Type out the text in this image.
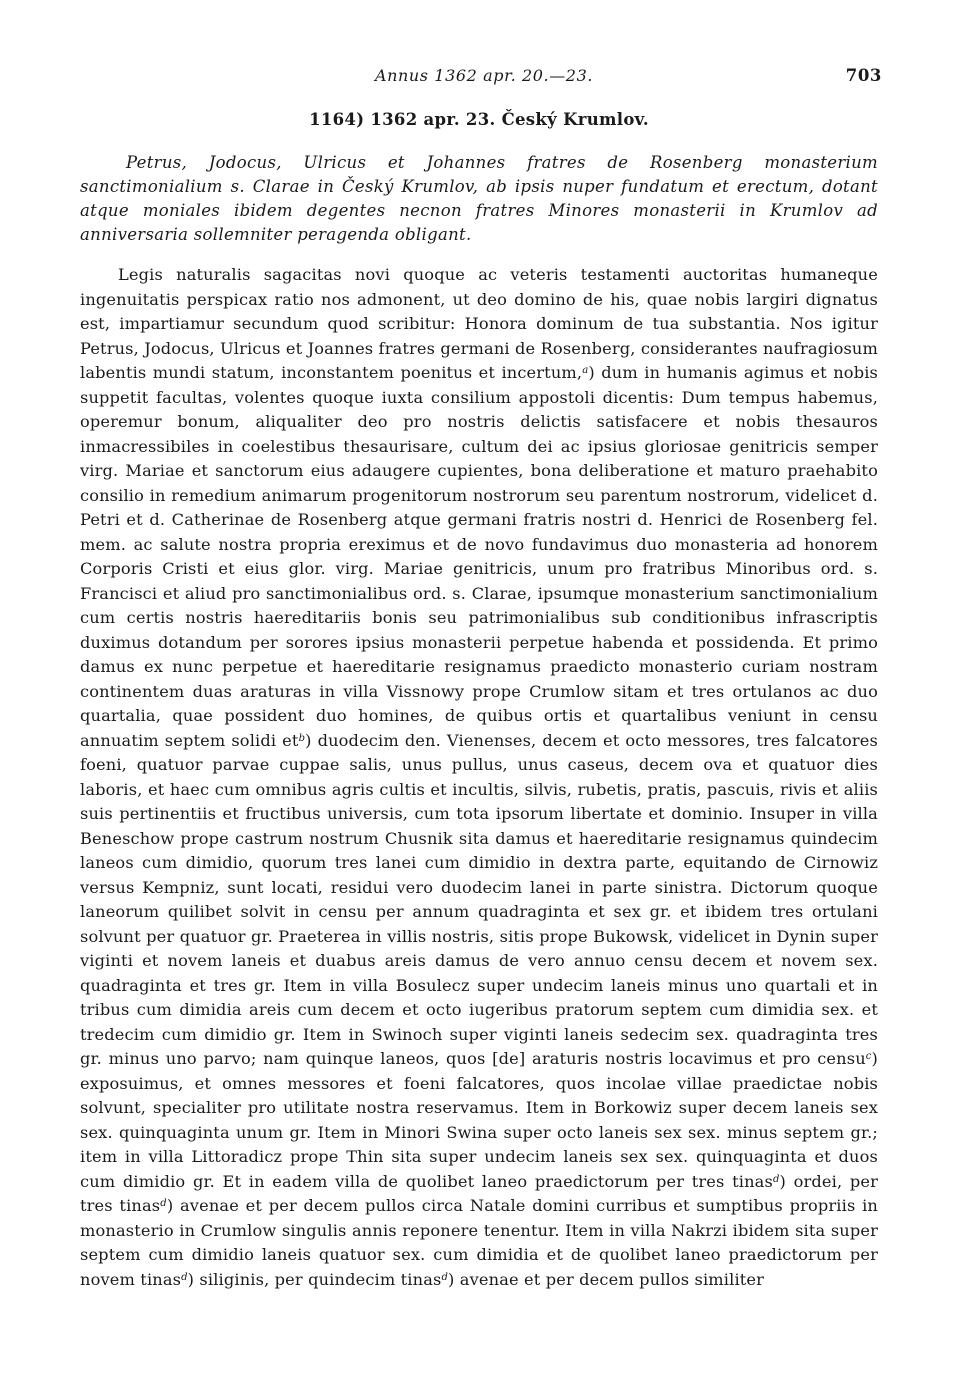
Annus 1362 apr. 20.—23.	703
1164) 1362 apr. 23. Český Krumlov.
Petrus, Jodocus, Ulricus et Johannes fratres de Rosenberg monasterium sanctimonialium s. Clarae in Český Krumlov, ab ipsis nuper fundatum et erectum, dotant atque moniales ibidem degentes necnon fratres Minores monasterii in Krumlov ad anniversaria sollemniter peragenda obligant.
Legis naturalis sagacitas novi quoque ac veteris testamenti auctoritas humaneque ingenuitatis perspicax ratio nos admonent, ut deo domino de his, quae nobis largiri dignatus est, impartiamur secundum quod scribitur: Honora dominum de tua substantia. Nos igitur Petrus, Jodocus, Ulricus et Joannes fratres germani de Rosenberg, considerantes naufragiosum labentis mundi statum, inconstantem poenitus et incertum,$^a$) dum in humanis agimus et nobis suppetit facultas, volentes quoque iuxta consilium appostoli dicentis: Dum tempus habemus, operemur bonum, aliqualiter deo pro nostris delictis satisfacere et nobis thesauros inmacressibiles in coelestibus thesaurisare, cultum dei ac ipsius gloriosae genitricis semper virg. Mariae et sanctorum eius adaugere cupientes, bona deliberatione et maturo praehabito consilio in remedium animarum progenitorum nostrorum seu parentum nostrorum, videlicet d. Petri et d. Catherinae de Rosenberg atque germani fratris nostri d. Henrici de Rosenberg fel. mem. ac salute nostra propria ereximus et de novo fundavimus duo monasteria ad honorem Corporis Cristi et eius glor. virg. Mariae genitricis, unum pro fratribus Minoribus ord. s. Francisci et aliud pro sanctimonialibus ord. s. Clarae, ipsumque monasterium sanctimonialium cum certis nostris haereditariis bonis seu patrimonialibus sub conditionibus infrascriptis duximus dotandum per sorores ipsius monasterii perpetue habenda et possidenda. Et primo damus ex nunc perpetue et haereditarie resignamus praedicto monasterio curiam nostram continentem duas araturas in villa Vissnowy prope Crumlow sitam et tres ortulanos ac duo quartalia, quae possident duo homines, de quibus ortis et quartalibus veniunt in censu annuatim septem solidi $et^b$) duodecim den. Vienenses, decem et octo messores, tres falcatores foeni, quatuor parvae cuppae salis, unus pullus, unus caseus, decem ova et quatuor dies laboris, et haec cum omnibus agris cultis et incultis, silvis, rubetis, pratis, pascuis, rivis et aliis suis pertinentiis et fructibus universis, cum tota ipsorum libertate et dominio. Insuper in villa Beneschow prope castrum nostrum Chusnik sita damus et haereditarie resignamus quindecim laneos cum dimidio, quorum tres lanei cum dimidio in dextra parte, equitando de Cirnowiz versus Kempniz, sunt locati, residui vero duodecim lanei in parte sinistra. Dictorum quoque laneorum quilibet solvit in censu per annum quadraginta et sex gr. et ibidem tres ortulani solvunt per quatuor gr. Praeterea in villis nostris, sitis prope Bukowsk, videlicet in Dynin super viginti et novem laneis et duabus areis damus de vero annuo censu decem et novem sex. quadraginta et tres gr. Item in villa Bosulecz super undecim laneis minus uno quartali et in tribus cum dimidia areis cum decem et octo iugeribus pratorum septem cum dimidia sex. et tredecim cum dimidio gr. Item in Swinoch super viginti laneis sedecim sex. quadraginta tres gr. minus uno parvo; nam quinque laneos, quos [de] araturis nostris locavimus et pro censu$^c$) exposuimus, et omnes messores et foeni falcatores, quos incolae villae praedictae nobis solvunt, specialiter pro utilitate nostra reservamus. Item in Borkowiz super decem laneis sex sex. quinquaginta unum gr. Item in Minori Swina super octo laneis sex sex. minus septem gr.; item in villa Littoradicz prope Thin sita super undecim laneis sex sex. quinquaginta et duos cum dimidio gr. Et in eadem villa de quolibet laneo praedictorum per tres tinas$^d$) ordei, per tres tinas$^d$) avenae et per decem pullos circa Natale domini curribus et sumptibus propriis in monasterio in Crumlow singulis annis reponere tenentur. Item in villa Nakrzi ibidem sita super septem cum dimidio laneis quatuor sex. cum dimidia et de quolibet laneo praedictorum per novem tinas$^d$) siliginis, per quindecim tinas$^d$) avenae et per decem pullos similiter
